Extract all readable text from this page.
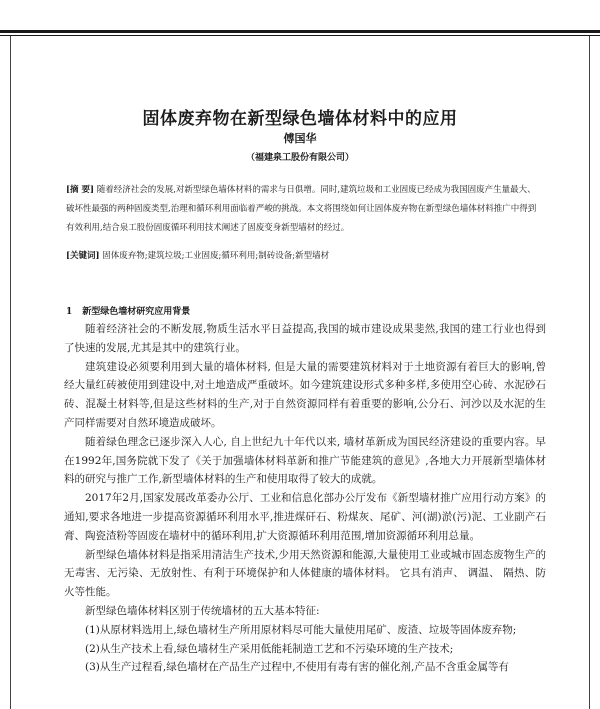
固体废弃物在新型绿色墙体材料中的应用
傅国华
（福建泉工股份有限公司）
[摘 要] 随着经济社会的发展,对新型绿色墙体材料的需求与日俱增。同时,建筑垃圾和工业固废已经成为我国固废产生量最大、破坏性最强的两种固废类型,治理和循环利用面临着严峻的挑战。本文将围绕如何让固体废弃物在新型绿色墙体材料推广中得到有效利用,结合泉工股份固废循环利用技术阐述了固废变身新型墙材的经过。
[关键词] 固体废弃物;建筑垃圾;工业固废;循环利用;制砖设备;新型墙材
1 新型绿色墙材研究应用背景

随着经济社会的不断发展,物质生活水平日益提高,我国的城市建设成果斐然,我国的建工行业也得到了快速的发展,尤其是其中的建筑行业。

建筑建设必须要利用到大量的墙体材料, 但是大量的需要建筑材料对于土地资源有着巨大的影响,曾经大量红砖被使用到建设中,对土地造成严重破坏。如今建筑建设形式多种多样,多使用空心砖、水泥砂石砖、混凝土材料等,但是这些材料的生产,对于自然资源同样有着重要的影响,公分石、河沙以及水泥的生产同样需要对自然环境造成破坏。

随着绿色理念已逐步深入人心, 自上世纪九十年代以来, 墙材革新成为国民经济建设的重要内容。早在1992年,国务院就下发了《关于加强墙体材料革新和推广节能建筑的意见》,各地大力开展新型墙体材料的研究与推广工作,新型墙体材料的生产和使用取得了较大的成就。

2017年2月,国家发展改革委办公厅、工业和信息化部办公厅发布《新型墙材推广应用行动方案》的通知,要求各地进一步提高资源循环利用水平,推进煤矸石、粉煤灰、尾矿、河(湖)淤(污)泥、工业副产石膏、陶瓷渣粉等固废在墙材中的循环利用,扩大资源循环利用范围,增加资源循环利用总量。

新型绿色墙体材料是指采用清洁生产技术,少用天然资源和能源,大量使用工业或城市固态废物生产的无毒害、无污染、无放射性、有利于环境保护和人体健康的墙体材料。 它具有消声、 调温、 隔热、防火等性能。

新型绿色墙体材料区别于传统墙材的五大基本特征:

(1)从原材料选用上,绿色墙材生产所用原材料尽可能大量使用尾矿、废渣、垃圾等固体废弃物;

(2)从生产技术上看,绿色墙材生产采用低能耗制造工艺和不污染环境的生产技术;

(3)从生产过程看,绿色墙材在产品生产过程中,不使用有毒有害的催化剂,产品不含重金属等有
